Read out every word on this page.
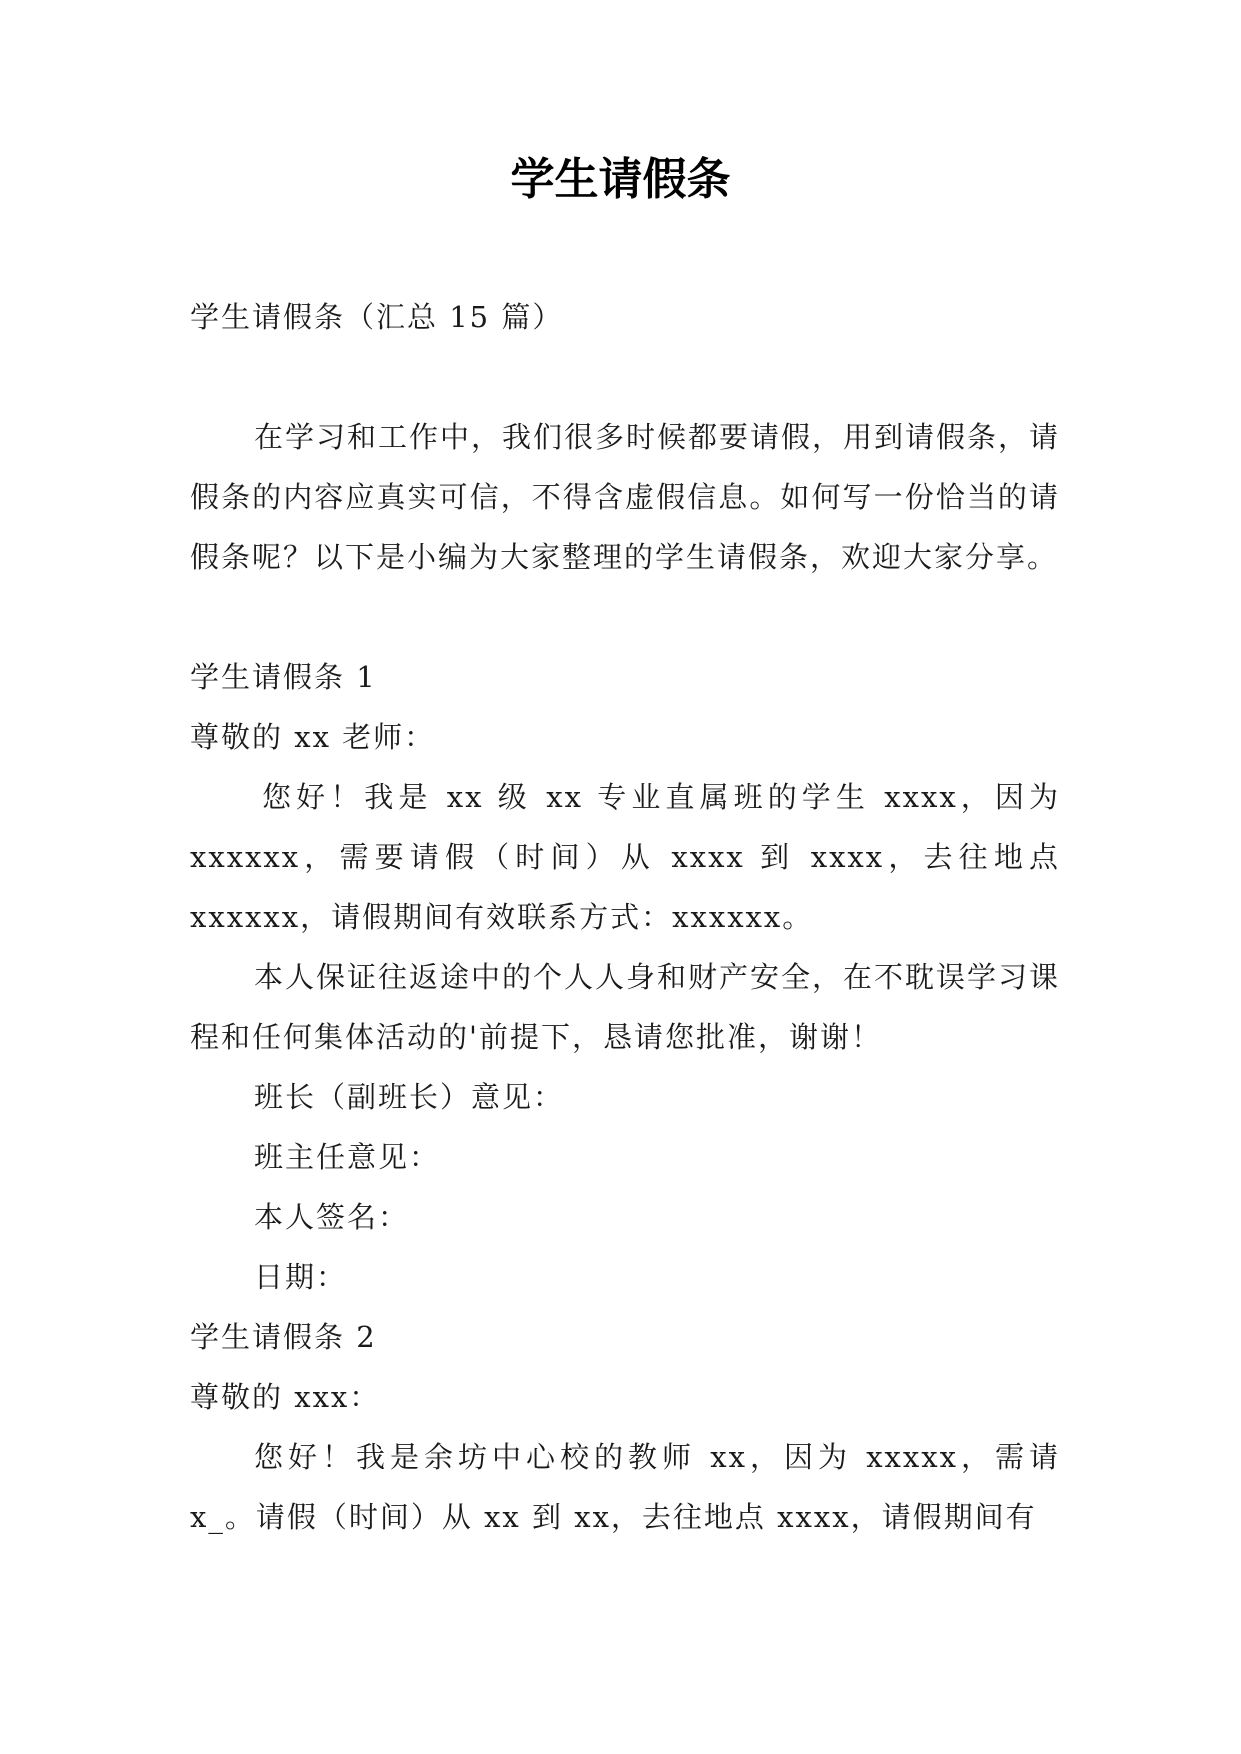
学生请假条

学生请假条（汇总 15 篇）

在学习和工作中，我们很多时候都要请假，用到请假条，请假条的内容应真实可信，不得含虚假信息。如何写一份恰当的请假条呢？以下是小编为大家整理的学生请假条，欢迎大家分享。

学生请假条 1

尊敬的 xx 老师：

您好！我是 xx 级 xx 专业直属班的学生 xxxx，因为 xxxxxx，需要请假（时间）从 xxxx 到 xxxx，去往地点 xxxxxx，请假期间有效联系方式：xxxxxx。

本人保证往返途中的个人人身和财产安全，在不耽误学习课程和任何集体活动的'前提下，恳请您批准，谢谢！

班长（副班长）意见：

班主任意见：

本人签名：

日期：

学生请假条 2

尊敬的 xxx：

您好！我是余坊中心校的教师 xx，因为 xxxxx，需请 x_。请假（时间）从 xx 到 xx，去往地点 xxxx，请假期间有
